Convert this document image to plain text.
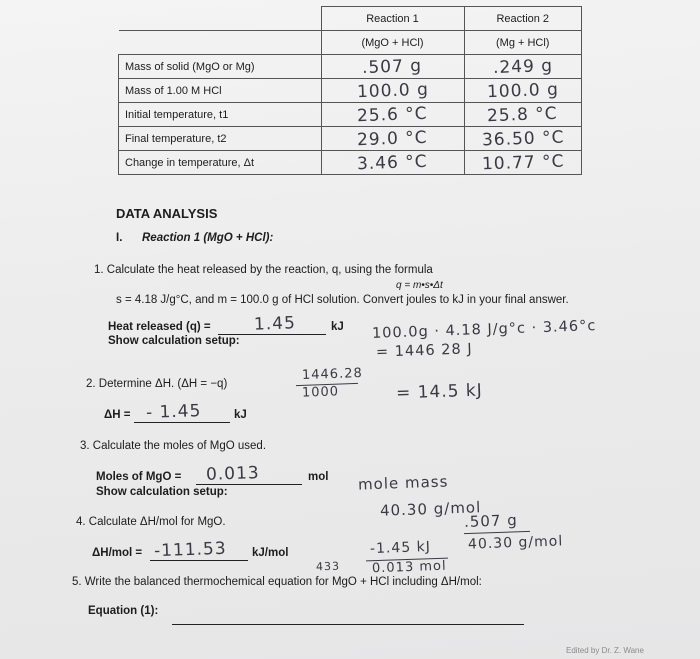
	Reaction 1	Reaction 2
	(MgO + HCl)	(Mg + HCl)
Mass of solid (MgO or Mg)	.507 g	.249 g
Mass of 1.00 M HCl	100.0 g	100.0 g
Initial temperature, t1	25.6 °C	25.8 °C
Final temperature, t2	29.0 °C	36.50 °C
Change in temperature, Δt	3.46 °C	10.77 °C
DATA ANALYSIS
I. Reaction 1 (MgO + HCl):
1. Calculate the heat released by the reaction, q, using the formula
q = m•s•Δt
s = 4.18 J/g°C, and m = 100.0 g of HCl solution. Convert joules to kJ in your final answer.
Heat released (q) =	1.45	kJ
Show calculation setup:	100.0g · 4.18 J/g°c · 3.46°c
= 1446 28 J
1446.28
1000	= 14.5 kJ
2. Determine ΔH. (ΔH = −q)
ΔH = - 1.45	kJ
3. Calculate the moles of MgO used.
Moles of MgO =	0.013	mol
Show calculation setup:	mole mass
40.30 g/mol
.507 g
40.30 g/mol
4. Calculate ΔH/mol for MgO.
ΔH/mol = -111.53	kJ/mol	-1.45 kJ
0.013 mol
433
5. Write the balanced thermochemical equation for MgO + HCl including ΔH/mol:
Equation (1):
Edited by Dr. Z. Wane
